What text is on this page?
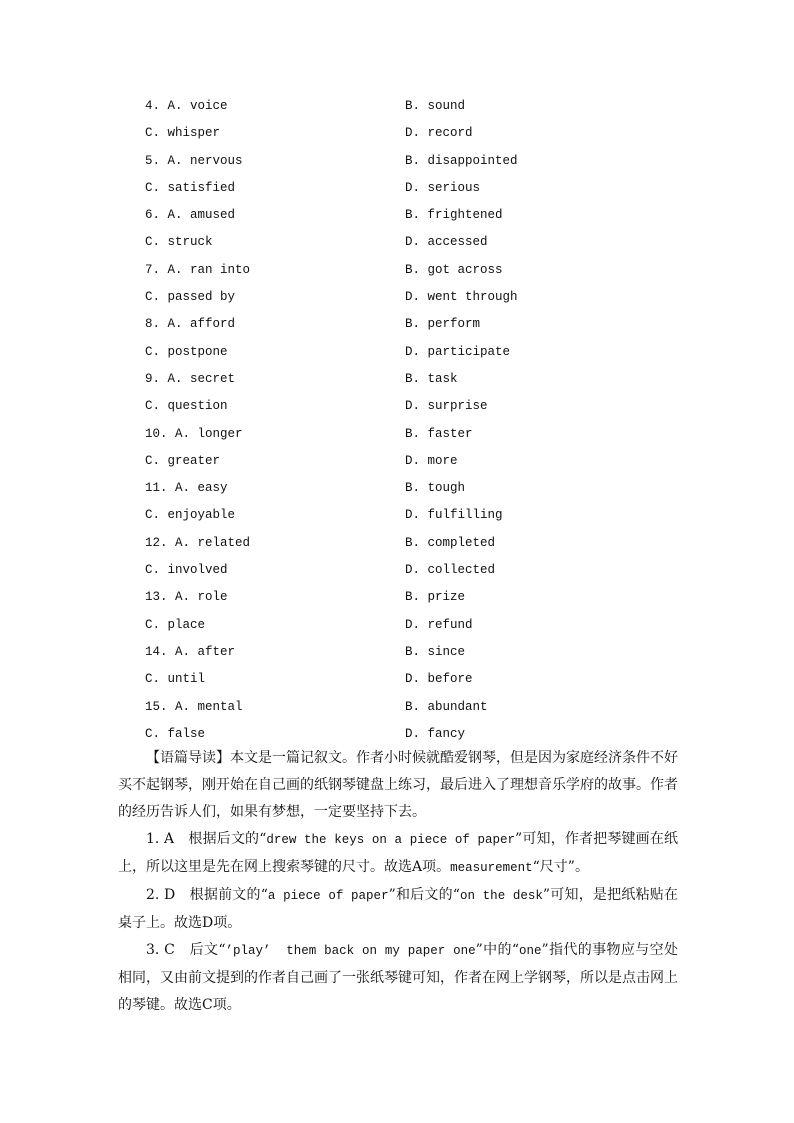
4. A. voice	B. sound
C. whisper	D. record
5. A. nervous	B. disappointed
C. satisfied	D. serious
6. A. amused	B. frightened
C. struck	D. accessed
7. A. ran into	B. got across
C. passed by	D. went through
8. A. afford	B. perform
C. postpone	D. participate
9. A. secret	B. task
C. question	D. surprise
10. A. longer	B. faster
C. greater	D. more
11. A. easy	B. tough
C. enjoyable	D. fulfilling
12. A. related	B. completed
C. involved	D. collected
13. A. role	B. prize
C. place	D. refund
14. A. after	B. since
C. until	D. before
15. A. mental	B. abundant
C. false	D. fancy

【语篇导读】本文是一篇记叙文。作者小时候就酷爱钢琴，但是因为家庭经济条件不好买不起钢琴，刚开始在自己画的纸钢琴键盘上练习，最后进入了理想音乐学府的故事。作者的经历告诉人们，如果有梦想，一定要坚持下去。

1. A　根据后文的“drew the keys on a piece of paper”可知，作者把琴键画在纸上，所以这里是先在网上搜索琴键的尺寸。故选A项。measurement“尺寸”。

2. D　根据前文的“a piece of paper”和后文的“on the desk”可知，是把纸粘贴在桌子上。故选D项。

3. C　后文“’play’  them back on my paper one”中的“one”指代的事物应与空处相同，又由前文提到的作者自己画了一张纸琴键可知，作者在网上学钢琴，所以是点击网上的琴键。故选C项。
